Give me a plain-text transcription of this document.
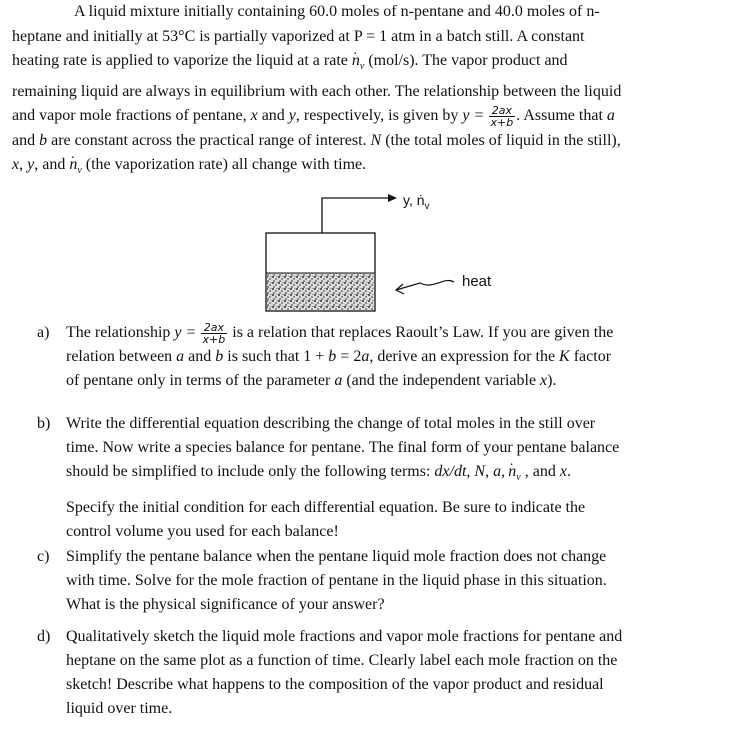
A liquid mixture initially containing 60.0 moles of n-pentane and 40.0 moles of n-

heptane and initially at 53°C is partially vaporized at P = 1 atm in a batch still. A constant
heating rate is applied to vaporize the liquid at a rate · $n_v$ (mol/s). The vapor product and
remaining liquid are always in equilibrium with each other. The relationship between the liquid
and vapor mole fractions of pentane, x and y, respectively, is given by $y = \frac{2ax}{x+b}$ . Assume that a
and b are constant across the practical range of interest. N (the total moles of liquid in the still),
x, y, and · $n_v$ (the vaporization rate) all change with time.
y, ṅ$_v$
heat
a) The relationship $y = \frac{2ax}{x+b}$ is a relation that replaces Raoult’s Law. If you are given the

relation between a and b is such that 1 + b = 2a, derive an expression for the K factor

of pentane only in terms of the parameter a (and the independent variable x).

b) Write the differential equation describing the change of total moles in the still over

time. Now write a species balance for pentane. The final form of your pentane balance

should be simplified to include only the following terms: dx/dt, N, a, · $n_v$ , and x.

Specify the initial condition for each differential equation. Be sure to indicate the

control volume you used for each balance!

c) Simplify the pentane balance when the pentane liquid mole fraction does not change

with time. Solve for the mole fraction of pentane in the liquid phase in this situation.

What is the physical significance of your answer?

d) Qualitatively sketch the liquid mole fractions and vapor mole fractions for pentane and

heptane on the same plot as a function of time. Clearly label each mole fraction on the

sketch! Describe what happens to the composition of the vapor product and residual

liquid over time.
